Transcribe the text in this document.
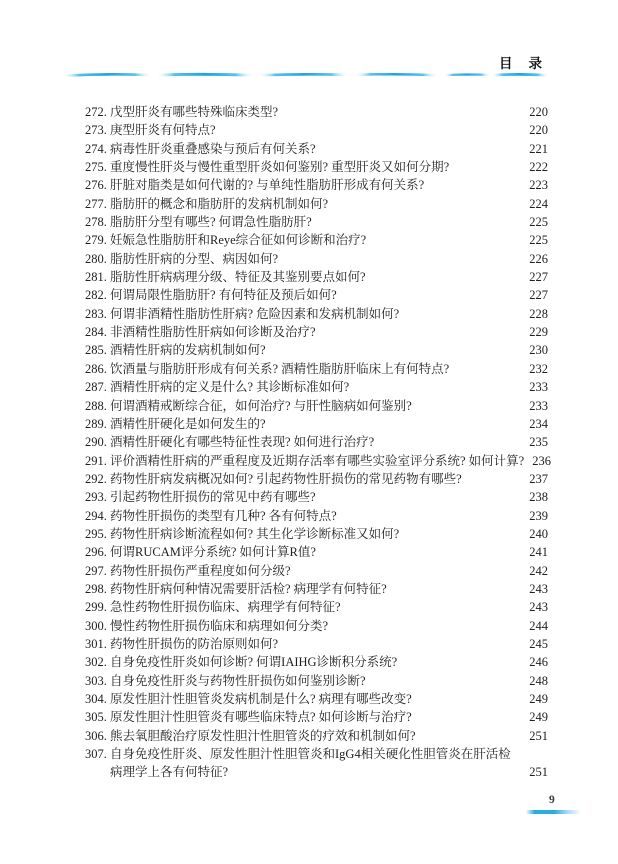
目 录
272. 戊型肝炎有哪些特殊临床类型?	220
273. 庚型肝炎有何特点?	220
274. 病毒性肝炎重叠感染与预后有何关系?	221
275. 重度慢性肝炎与慢性重型肝炎如何鉴别? 重型肝炎又如何分期?	222
276. 肝脏对脂类是如何代谢的? 与单纯性脂肪肝形成有何关系?	223
277. 脂肪肝的概念和脂肪肝的发病机制如何?	224
278. 脂肪肝分型有哪些? 何谓急性脂肪肝?	225
279. 妊娠急性脂肪肝和Reye综合征如何诊断和治疗?	225
280. 脂肪性肝病的分型、病因如何?	226
281. 脂肪性肝病病理分级、特征及其鉴别要点如何?	227
282. 何谓局限性脂肪肝? 有何特征及预后如何?	227
283. 何谓非酒精性脂肪性肝病? 危险因素和发病机制如何?	228
284. 非酒精性脂肪性肝病如何诊断及治疗?	229
285. 酒精性肝病的发病机制如何?	230
286. 饮酒量与脂肪肝形成有何关系? 酒精性脂肪肝临床上有何特点?	232
287. 酒精性肝病的定义是什么? 其诊断标准如何?	233
288. 何谓酒精戒断综合征，如何治疗? 与肝性脑病如何鉴别?	233
289. 酒精性肝硬化是如何发生的?	234
290. 酒精性肝硬化有哪些特征性表现? 如何进行治疗?	235
291. 评价酒精性肝病的严重程度及近期存活率有哪些实验室评分系统? 如何计算? 236
292. 药物性肝病发病概况如何? 引起药物性肝损伤的常见药物有哪些?	237
293. 引起药物性肝损伤的常见中药有哪些?	238
294. 药物性肝损伤的类型有几种? 各有何特点?	239
295. 药物性肝病诊断流程如何? 其生化学诊断标准又如何?	240
296. 何谓RUCAM评分系统? 如何计算R值?	241
297. 药物性肝损伤严重程度如何分级?	242
298. 药物性肝病何种情况需要肝活检? 病理学有何特征?	243
299. 急性药物性肝损伤临床、病理学有何特征?	243
300. 慢性药物性肝损伤临床和病理如何分类?	244
301. 药物性肝损伤的防治原则如何?	245
302. 自身免疫性肝炎如何诊断? 何谓IAIHG诊断积分系统?	246
303. 自身免疫性肝炎与药物性肝损伤如何鉴别诊断?	248
304. 原发性胆汁性胆管炎发病机制是什么? 病理有哪些改变?	249
305. 原发性胆汁性胆管炎有哪些临床特点? 如何诊断与治疗?	249
306. 熊去氧胆酸治疗原发性胆汁性胆管炎的疗效和机制如何?	251
307. 自身免疫性肝炎、原发性胆汁性胆管炎和IgG4相关硬化性胆管炎在肝活检
病理学上各有何特征?	251
9
